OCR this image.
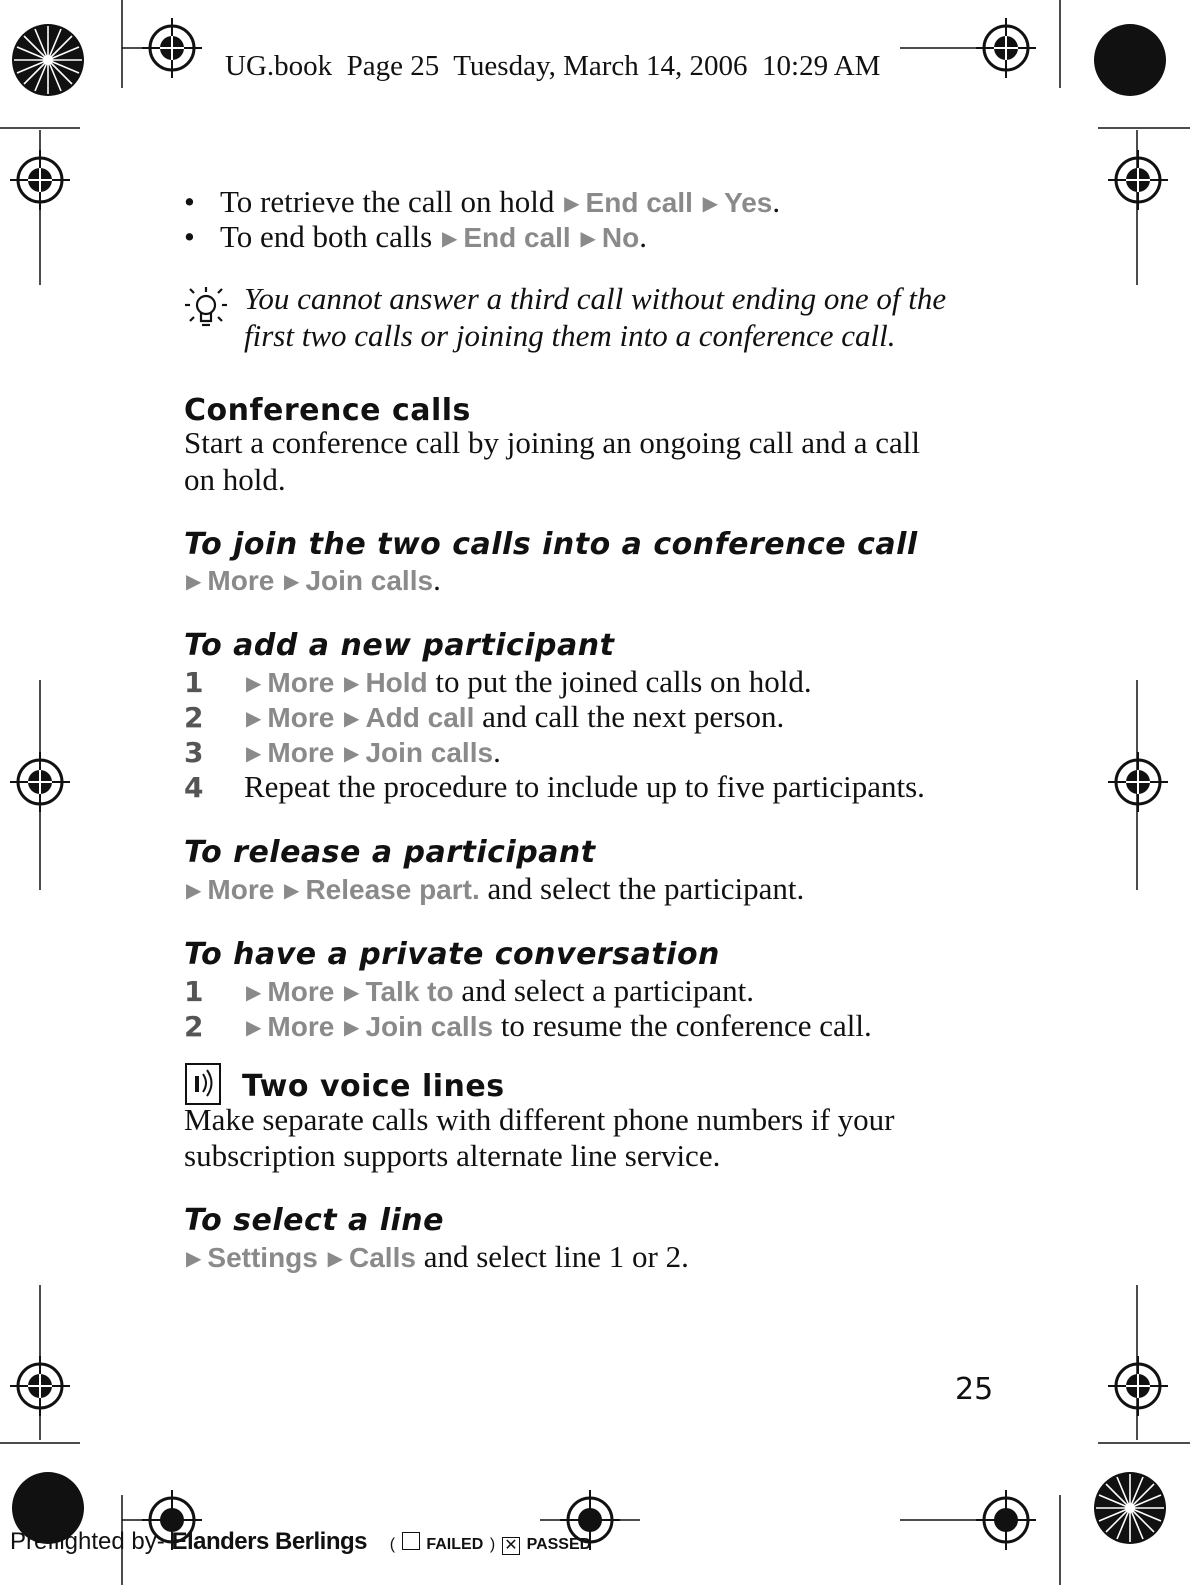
UG.book  Page 25  Tuesday, March 14, 2006  10:29 AM
• To retrieve the call on hold ▶ End call ▶ Yes.
• To end both calls ▶ End call ▶ No.
You cannot answer a third call without ending one of the
first two calls or joining them into a conference call.
Conference calls
Start a conference call by joining an ongoing call and a call
on hold.
To join the two calls into a conference call
▶ More ▶ Join calls.
To add a new participant
1 ▶ More ▶ Hold to put the joined calls on hold.
2 ▶ More ▶ Add call and call the next person.
3 ▶ More ▶ Join calls.
4 Repeat the procedure to include up to five participants.
To release a participant
▶ More ▶ Release part. and select the participant.
To have a private conversation
1 ▶ More ▶ Talk to and select a participant.
2 ▶ More ▶ Join calls to resume the conference call.
Two voice lines
Make separate calls with different phone numbers if your
subscription supports alternate line service.
To select a line
▶ Settings ▶ Calls and select line 1 or 2.
25
Preflighted by- Elanders Berlings ( FAILED ) ✕ PASSED
